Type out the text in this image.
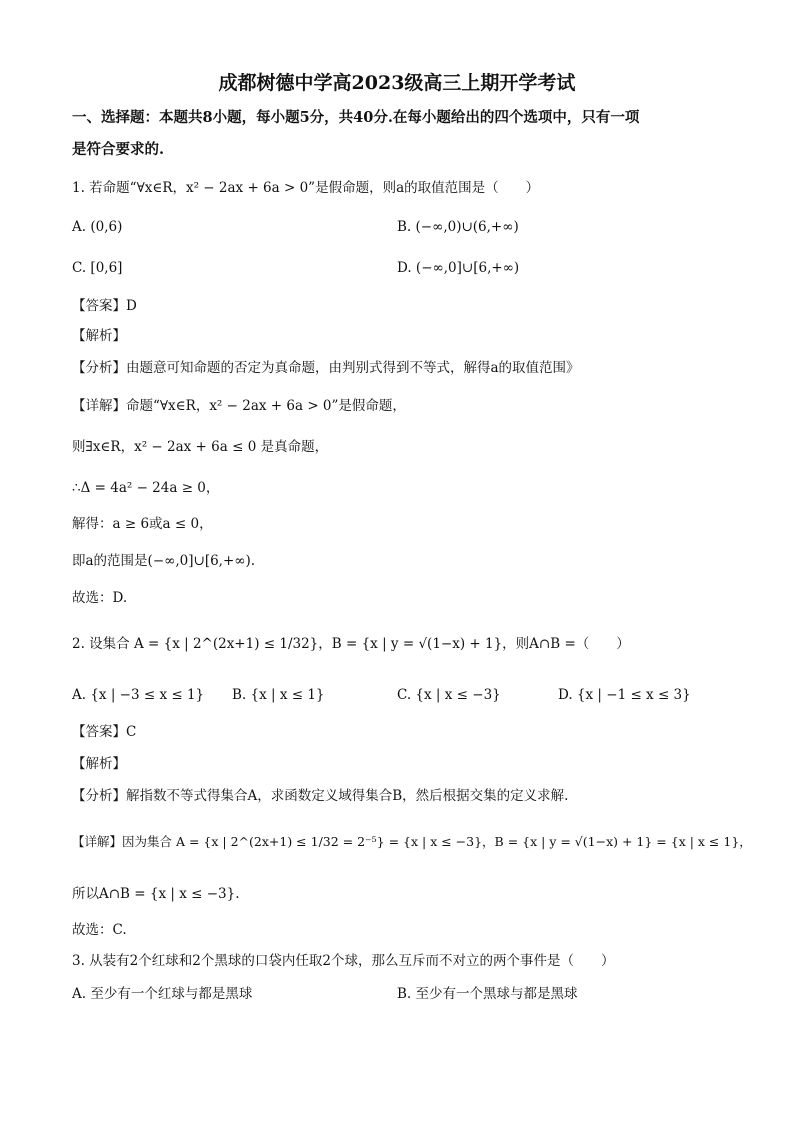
成都树德中学高2023级高三上期开学考试
一、选择题：本题共8小题，每小题5分，共40分.在每小题给出的四个选项中，只有一项
是符合要求的.
1. 若命题“∀x∈R，x² − 2ax + 6a > 0”是假命题，则a的取值范围是（　　）
A. (0,6)	B. (−∞,0)∪(6,+∞)
C. [0,6]	D. (−∞,0]∪[6,+∞)
【答案】D
【解析】
【分析】由题意可知命题的否定为真命题，由判别式得到不等式，解得a的取值范围》
【详解】命题“∀x∈R，x² − 2ax + 6a > 0”是假命题，
则∃x∈R，x² − 2ax + 6a ≤ 0 是真命题，
∴Δ = 4a² − 24a ≥ 0，
解得：a ≥ 6或a ≤ 0，
即a的范围是(−∞,0]∪[6,+∞).
故选：D.
2. 设集合 A = {x | 2^(2x+1) ≤ 1/32}，B = {x | y = √(1−x) + 1}，则A∩B =（　　）
A. {x | −3 ≤ x ≤ 1} B. {x | x ≤ 1}	C. {x | x ≤ −3}	D. {x | −1 ≤ x ≤ 3}
【答案】C
【解析】
【分析】解指数不等式得集合A，求函数定义域得集合B，然后根据交集的定义求解.
【详解】因为集合 A = {x | 2^(2x+1) ≤ 1/32 = 2⁻⁵} = {x | x ≤ −3}，B = {x | y = √(1−x) + 1} = {x | x ≤ 1}，
所以A∩B = {x | x ≤ −3}.
故选：C.
3. 从装有2个红球和2个黑球的口袋内任取2个球，那么互斥而不对立的两个事件是（　　）
A. 至少有一个红球与都是黑球	B. 至少有一个黑球与都是黑球
